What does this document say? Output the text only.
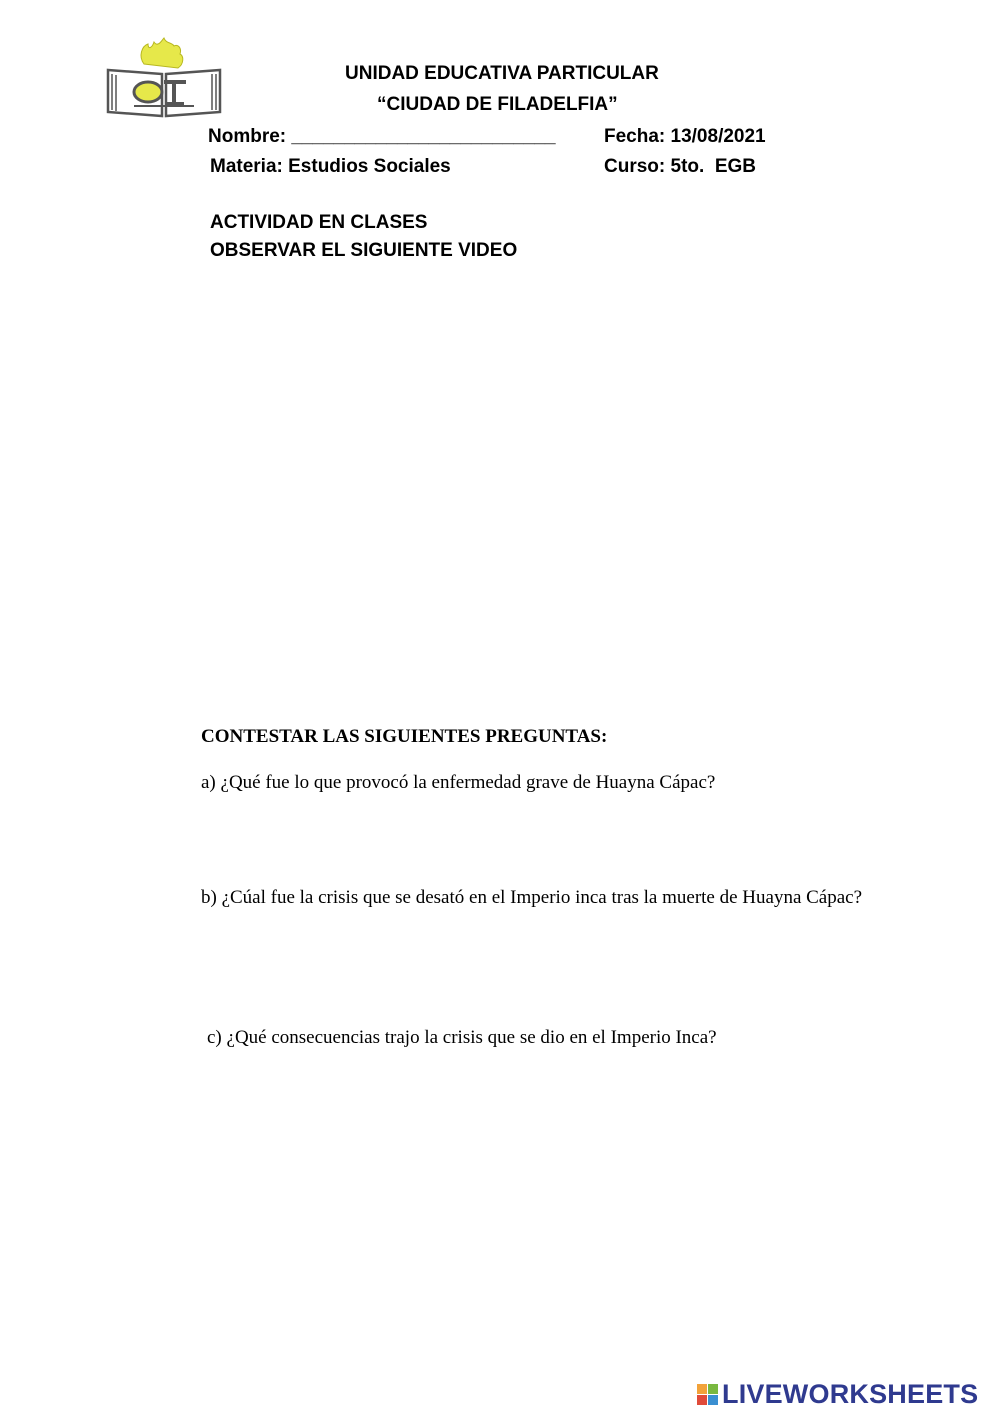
UNIDAD EDUCATIVA PARTICULAR
“CIUDAD DE FILADELFIA”
Nombre: _________________________	Fecha: 13/08/2021
Materia: Estudios Sociales	Curso: 5to.  EGB
ACTIVIDAD EN CLASES
OBSERVAR EL SIGUIENTE VIDEO
CONTESTAR LAS SIGUIENTES PREGUNTAS:
a) ¿Qué fue lo que provocó la enfermedad grave de Huayna Cápac?
b) ¿Cúal fue la crisis que se desató en el Imperio inca tras la muerte de Huayna Cápac?
c) ¿Qué consecuencias trajo la crisis que se dio en el Imperio Inca?
LIVEWORKSHEETS
